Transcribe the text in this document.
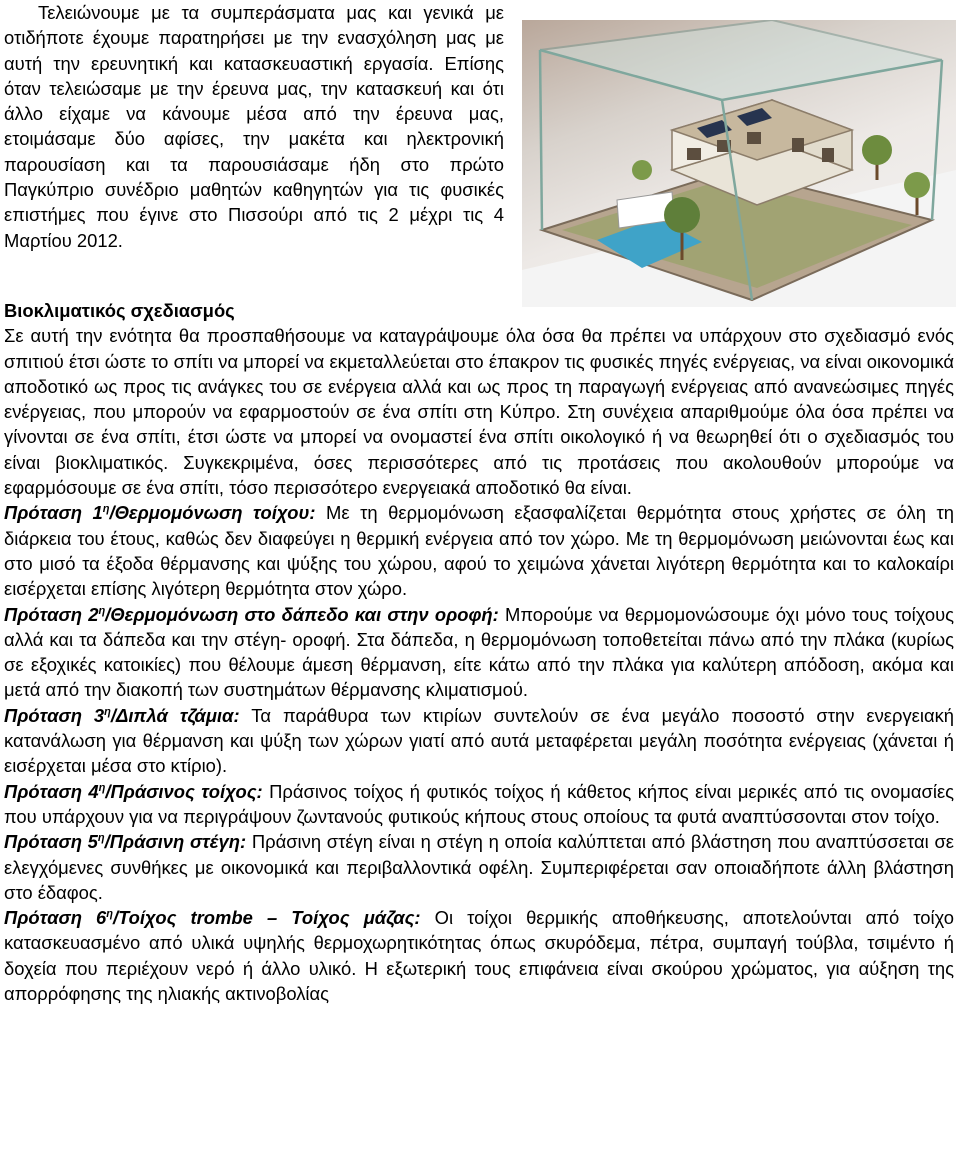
Τελειώνουμε με τα συμπεράσματα μας και γενικά με οτιδήποτε έχουμε παρατηρήσει με την ενασχόληση μας με αυτή την ερευνητική και κατασκευαστική εργασία. Επίσης όταν τελειώσαμε με την έρευνα μας, την κατασκευή και ότι άλλο είχαμε να κάνουμε μέσα από την έρευνα μας, ετοιμάσαμε δύο αφίσες, την μακέτα και ηλεκτρονική παρουσίαση και τα παρουσιάσαμε ήδη στο πρώτο Παγκύπριο συνέδριο μαθητών καθηγητών για τις φυσικές επιστήμες που έγινε στο Πισσούρι από τις 2 μέχρι τις 4 Μαρτίου 2012.

Βιοκλιματικός σχεδιασμός

Σε αυτή την ενότητα θα προσπαθήσουμε να καταγράψουμε όλα όσα θα πρέπει να υπάρχουν στο σχεδιασμό ενός σπιτιού έτσι ώστε το σπίτι να μπορεί να εκμεταλλεύεται στο έπακρον τις φυσικές πηγές ενέργειας, να είναι οικονομικά αποδοτικό ως προς τις ανάγκες του σε ενέργεια αλλά και ως προς τη παραγωγή ενέργειας από ανανεώσιμες πηγές ενέργειας, που μπορούν να εφαρμοστούν σε ένα σπίτι στη Κύπρο. Στη συνέχεια απαριθμούμε όλα όσα πρέπει να γίνονται σε ένα σπίτι, έτσι ώστε να μπορεί να ονομαστεί ένα σπίτι οικολογικό ή να θεωρηθεί ότι ο σχεδιασμός του είναι βιοκλιματικός. Συγκεκριμένα, όσες περισσότερες από τις προτάσεις που ακολουθούν μπορούμε να εφαρμόσουμε σε ένα σπίτι, τόσο περισσότερο ενεργειακά αποδοτικό θα είναι.

Πρόταση $1^\eta$/Θερμομόνωση τοίχου: Με τη θερμομόνωση εξασφαλίζεται θερμότητα στους χρήστες σε όλη τη διάρκεια του έτους, καθώς δεν διαφεύγει η θερμική ενέργεια από τον χώρο. Με τη θερμομόνωση μειώνονται έως και στο μισό τα έξοδα θέρμανσης και ψύξης του χώρου, αφού το χειμώνα χάνεται λιγότερη θερμότητα και το καλοκαίρι εισέρχεται επίσης λιγότερη θερμότητα στον χώρο.

Πρόταση $2^\eta$/Θερμομόνωση στο δάπεδο και στην οροφή: Μπορούμε να θερμομονώσουμε όχι μόνο τους τοίχους αλλά και τα δάπεδα και την στέγη- οροφή. Στα δάπεδα, η θερμομόνωση τοποθετείται πάνω από την πλάκα (κυρίως σε εξοχικές κατοικίες) που θέλουμε άμεση θέρμανση, είτε κάτω από την πλάκα για καλύτερη απόδοση, ακόμα και μετά από την διακοπή των συστημάτων θέρμανσης κλιματισμού.

Πρόταση $3^\eta$/Διπλά τζάμια: Τα παράθυρα των κτιρίων συντελούν σε ένα μεγάλο ποσοστό στην ενεργειακή κατανάλωση για θέρμανση και ψύξη των χώρων γιατί από αυτά μεταφέρεται μεγάλη ποσότητα ενέργειας (χάνεται ή εισέρχεται μέσα στο κτίριο).

Πρόταση $4^\eta$/Πράσινος τοίχος: Πράσινος τοίχος ή φυτικός τοίχος ή κάθετος κήπος είναι μερικές από τις ονομασίες που υπάρχουν για να περιγράψουν ζωντανούς φυτικούς κήπους στους οποίους τα φυτά αναπτύσσονται στον τοίχο.

Πρόταση $5^\eta$/Πράσινη στέγη: Πράσινη στέγη είναι η στέγη η οποία καλύπτεται από βλάστηση που αναπτύσσεται σε ελεγχόμενες συνθήκες με οικονομικά και περιβαλλοντικά οφέλη. Συμπεριφέρεται σαν οποιαδήποτε άλλη βλάστηση στο έδαφος.

Πρόταση $6^\eta$/Τοίχος trombe – Τοίχος μάζας: Οι τοίχοι θερμικής αποθήκευσης, αποτελούνται από τοίχο κατασκευασμένο από υλικά υψηλής θερμοχωρητικότητας όπως σκυρόδεμα, πέτρα, συμπαγή τούβλα, τσιμέντο ή δοχεία που περιέχουν νερό ή άλλο υλικό. Η εξωτερική τους επιφάνεια είναι σκούρου χρώματος, για αύξηση της απορρόφησης της ηλιακής ακτινοβολίας
